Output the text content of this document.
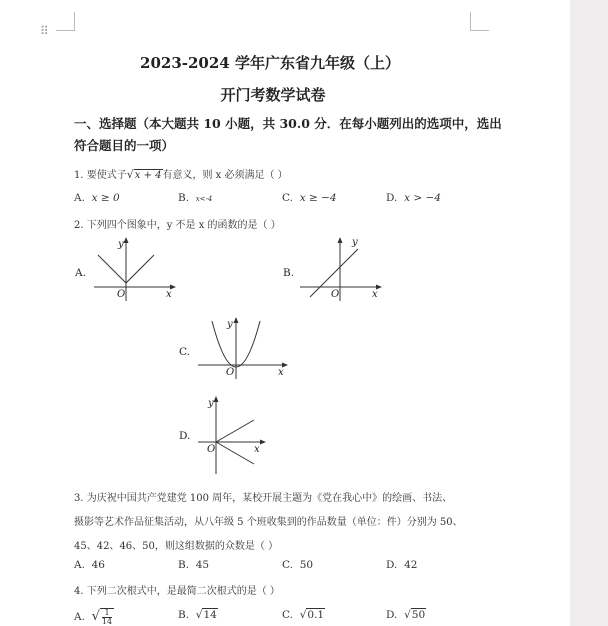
⠿
2023-2024 学年广东省九年级（上）
开门考数学试卷
一、选择题（本大题共 10 小题，共 30.0 分．在每小题列出的选项中，选出
符合题目的一项）
1. 要使式子√x + 4有意义，则 x 必须满足（ ）
A. x ≥ 0	B. x<-4	C. x ≥ −4	D. x > −4
2. 下列四个图象中，y 不是 x 的函数的是（ ）
A.
x
y
O
B.
x
y
O
C.
x
y
O
D.
x
y
O
3. 为庆祝中国共产党建党 100 周年，某校开展主题为《党在我心中》的绘画、书法、
摄影等艺术作品征集活动，从八年级 5 个班收集到的作品数量（单位：件）分别为 50、
45、42、46、50，则这组数据的众数是（ ）
A. 46	B. 45	C. 50	D. 42
4. 下列二次根式中，是最简二次根式的是（ ）
A. √ $\frac{1}{14}$	B. √14	C. √0.1	D. √50
